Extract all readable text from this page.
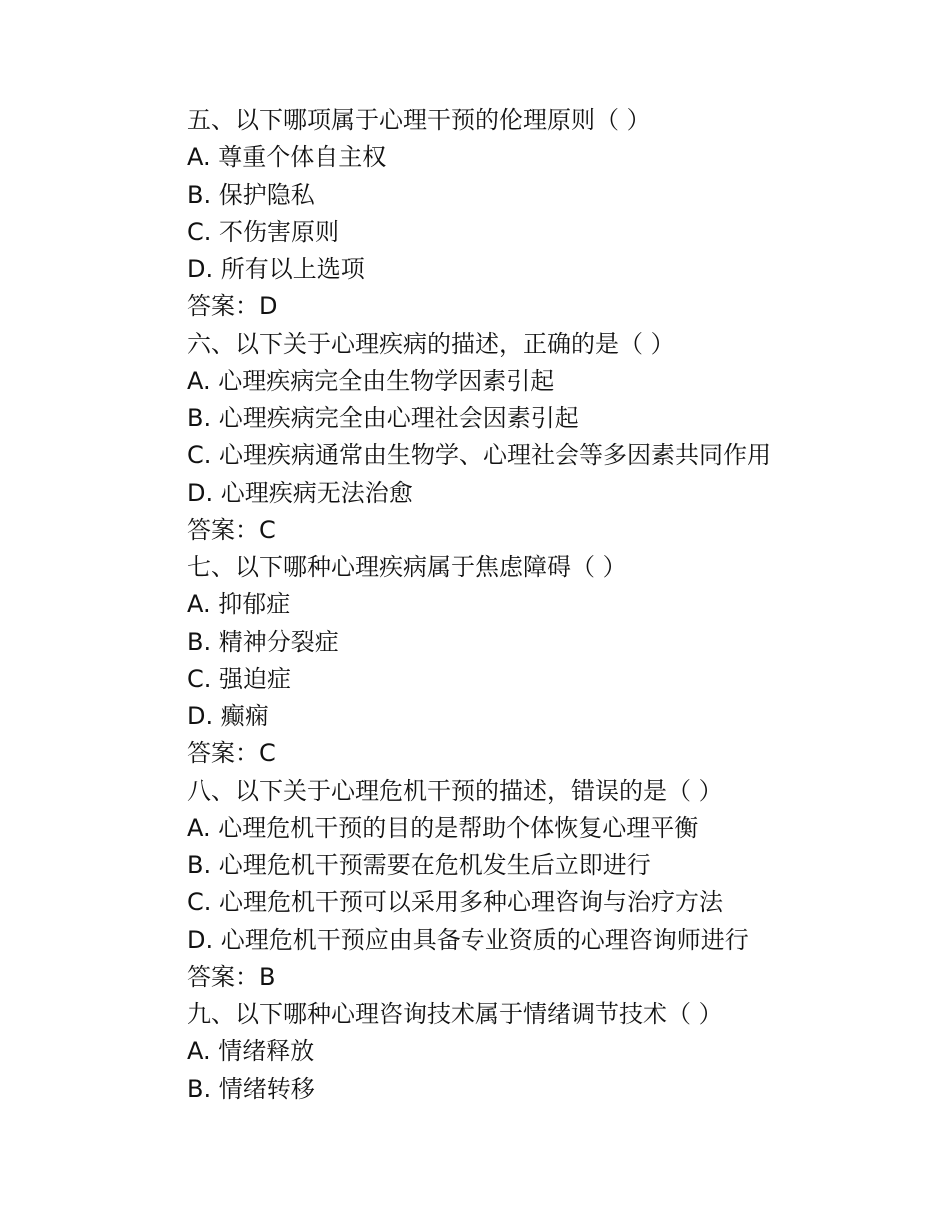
五、以下哪项属于心理干预的伦理原则（ ）
A. 尊重个体自主权
B. 保护隐私
C. 不伤害原则
D. 所有以上选项
答案：D
六、以下关于心理疾病的描述，正确的是（ ）
A. 心理疾病完全由生物学因素引起
B. 心理疾病完全由心理社会因素引起
C. 心理疾病通常由生物学、心理社会等多因素共同作用
D. 心理疾病无法治愈
答案：C
七、以下哪种心理疾病属于焦虑障碍（ ）
A. 抑郁症
B. 精神分裂症
C. 强迫症
D. 癫痫
答案：C
八、以下关于心理危机干预的描述，错误的是（ ）
A. 心理危机干预的目的是帮助个体恢复心理平衡
B. 心理危机干预需要在危机发生后立即进行
C. 心理危机干预可以采用多种心理咨询与治疗方法
D. 心理危机干预应由具备专业资质的心理咨询师进行
答案：B
九、以下哪种心理咨询技术属于情绪调节技术（ ）
A. 情绪释放
B. 情绪转移
